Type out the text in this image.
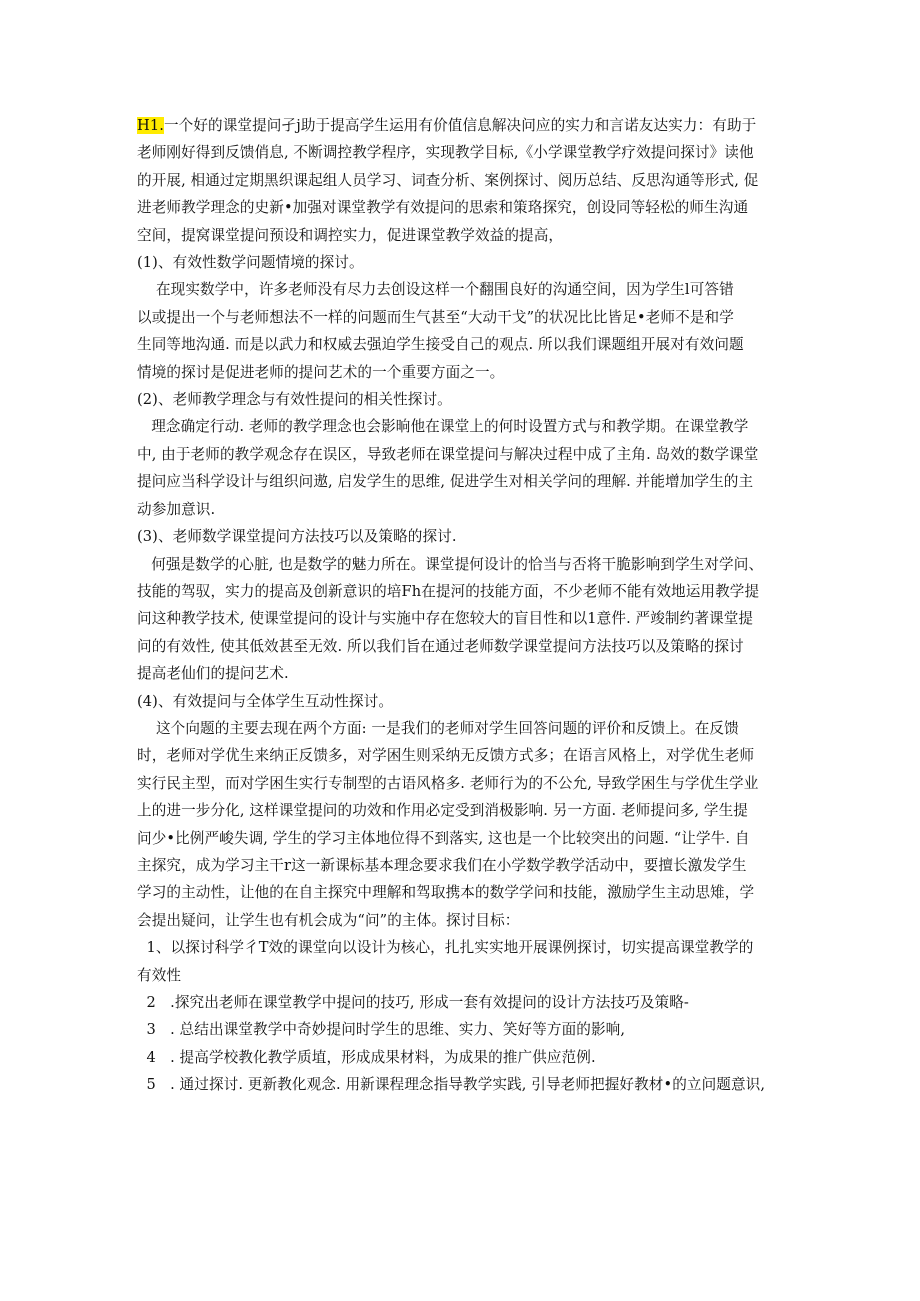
H1.一个好的课堂提问孑j助于提高学生运用有价值信息解决问应的实力和言诺友达实力：有助于

老师刚好得到反馈俏息, 不断调控教学程序，实现教学目标,《小学课堂教学疗效提问探讨》读他

的开展, 相通过定期黑织课起组人员学习、词查分析、案例探讨、阅历总结、反思沟通等形式, 促

进老师教学理念的史新•加强对课堂教学有效提问的思索和策珞探究，创设同等轻松的师生沟通

空间，提窝课堂提问预设和调控实力，促进课堂教学效益的提高，

(1)、有效性数学问题情境的探讨。

在现实数学中，许多老师没有尽力去创设这样一个翻围良好的沟通空间，因为学生l可答错

以或提出一个与老师想法不一样的问题而生气甚至“大动干戈”的状况比比皆足•老师不是和学

生同等地沟通. 而是以武力和权威去强迫学生接受自己的观点. 所以我们课题组开展对有效问题

情境的探讨是促进老师的提问艺术的一个重要方面之一。

(2)、老师教学理念与有效性提问的相关性探讨。

理念确定行动. 老师的教学理念也会影晌他在课堂上的何时设置方式与和教学期。在课堂教学

中, 由于老师的教学观念存在误区，导致老师在课堂提问与解决过程中成了主角. 岛效的数学课堂

提问应当科学设计与组织问遨, 启发学生的思维, 促进学生对相关学问的理解. 并能增加学生的主

动参加意识.

(3)、老师数学课堂提问方法技巧以及策略的探讨.

何强是数学的心脏, 也是数学的魅力所在。课堂提何设计的恰当与否将干脆影响到学生对学问、

技能的驾驭，实力的提高及创新意识的培Fh在提河的技能方面，不少老师不能有效地运用教学提

问这种教学技术, 使课堂提问的设计与实施中存在您较大的盲目性和以1意件. 严竣制约著课堂提

问的有效性, 使其低效甚至无效. 所以我们旨在通过老师数学课堂提问方法技巧以及策略的探讨

提高老仙们的提问艺术.

(4)、有效提问与全体学生互动性探讨。

这个向题的主要去现在两个方面: 一是我们的老师对学生回答问题的评价和反馈上。在反馈

时，老师对学优生来纳正反馈多，对学困生则采纳无反馈方式多；在语言风格上，对学优生老师

实行民主型，而对学困生实行专制型的古语风格多. 老师行为的不公允, 导致学困生与学优生学业

上的进一步分化, 这样课堂提问的功效和作用必定受到消极影响. 另一方面. 老师提问多, 学生提

问少•比例严峻失调, 学生的学习主体地位得不到落实, 这也是一个比较突出的问题. “让学牛. 自

主探究，成为学习主干r这一新课标基本理念要求我们在小学数学教学活动中，要擅长激发学生

学习的主动性，让他的在自主探究中理解和驾取携本的数学学问和技能，激励学生主动思雉，学

会提出疑问，让学生也有机会成为“问”的主体。探讨目标：

1、以探讨科学彳T效的课堂向以设计为核心，扎扎实实地开展课例探讨，切实提高课堂教学的

有效性

2   .探究出老师在课堂教学中提问的技巧, 形成一套有效提问的设计方法技巧及策略-

3   . 总结出课堂教学中奇妙提问时学生的思维、实力、笑好等方面的影响,

4   . 提高学校教化教学质埴，形成成果材料，为成果的推广供应范例.

5   . 通过探讨. 更新教化观念. 用新课程理念指导教学实践, 引导老师把握好教材•的立问题意识,
